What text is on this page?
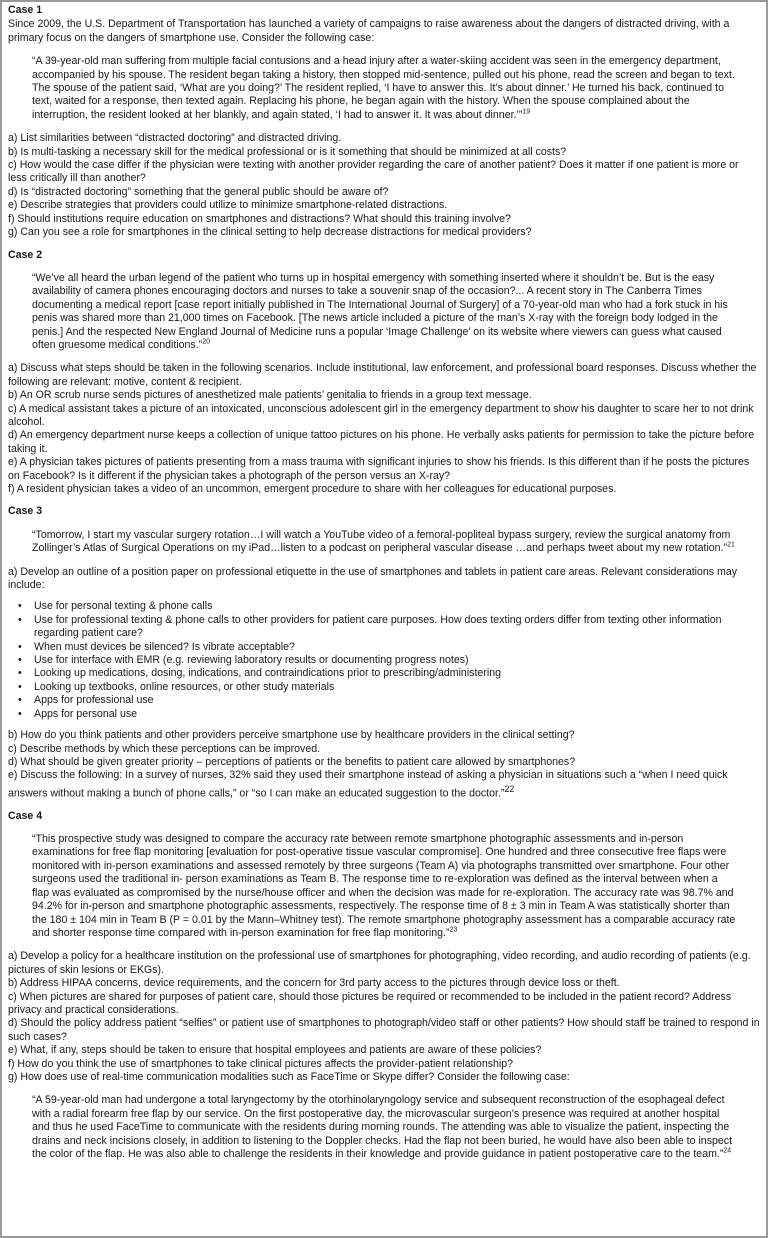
Case 1

Since 2009, the U.S. Department of Transportation has launched a variety of campaigns to raise awareness about the dangers of distracted driving, with a primary focus on the dangers of smartphone use. Consider the following case:

“A 39-year-old man suffering from multiple facial contusions and a head injury after a water-skiing accident was seen in the emergency department, accompanied by his spouse. The resident began taking a history, then stopped mid-sentence, pulled out his phone, read the screen and began to text. The spouse of the patient said, ‘What are you doing?’ The resident replied, ‘I have to answer this. It’s about dinner.’ He turned his back, continued to text, waited for a response, then texted again. Replacing his phone, he began again with the history. When the spouse complained about the interruption, the resident looked at her blankly, and again stated, ‘I had to answer it. It was about dinner.’”$^{19}$

a) List similarities between “distracted doctoring” and distracted driving.

b) Is multi-tasking a necessary skill for the medical professional or is it something that should be minimized at all costs?

c) How would the case differ if the physician were texting with another provider regarding the care of another patient? Does it matter if one patient is more or less critically ill than another?

d) Is “distracted doctoring” something that the general public should be aware of?

e) Describe strategies that providers could utilize to minimize smartphone-related distractions.

f) Should institutions require education on smartphones and distractions? What should this training involve?

g) Can you see a role for smartphones in the clinical setting to help decrease distractions for medical providers?

Case 2

“We’ve all heard the urban legend of the patient who turns up in hospital emergency with something inserted where it shouldn’t be. But is the easy availability of camera phones encouraging doctors and nurses to take a souvenir snap of the occasion?... A recent story in The Canberra Times documenting a medical report [case report initially published in The International Journal of Surgery] of a 70-year-old man who had a fork stuck in his penis was shared more than 21,000 times on Facebook. [The news article included a picture of the man’s X-ray with the foreign body lodged in the penis.] And the respected New England Journal of Medicine runs a popular ‘Image Challenge’ on its website where viewers can guess what caused often gruesome medical conditions.”$^{20}$

a) Discuss what steps should be taken in the following scenarios. Include institutional, law enforcement, and professional board responses. Discuss whether the following are relevant: motive, content & recipient.

b) An OR scrub nurse sends pictures of anesthetized male patients’ genitalia to friends in a group text message.

c) A medical assistant takes a picture of an intoxicated, unconscious adolescent girl in the emergency department to show his daughter to scare her to not drink alcohol.

d) An emergency department nurse keeps a collection of unique tattoo pictures on his phone. He verbally asks patients for permission to take the picture before taking it.

e) A physician takes pictures of patients presenting from a mass trauma with significant injuries to show his friends. Is this different than if he posts the pictures on Facebook? Is it different if the physician takes a photograph of the person versus an X-ray?

f) A resident physician takes a video of an uncommon, emergent procedure to share with her colleagues for educational purposes.

Case 3

“Tomorrow, I start my vascular surgery rotation…I will watch a YouTube video of a femoral-popliteal bypass surgery, review the surgical anatomy from Zollinger’s Atlas of Surgical Operations on my iPad…listen to a podcast on peripheral vascular disease …and perhaps tweet about my new rotation.”$^{21}$

a) Develop an outline of a position paper on professional etiquette in the use of smartphones and tablets in patient care areas. Relevant considerations may include:

• Use for personal texting & phone calls
• Use for professional texting & phone calls to other providers for patient care purposes. How does texting orders differ from texting other information regarding patient care?
• When must devices be silenced? Is vibrate acceptable?
• Use for interface with EMR (e.g. reviewing laboratory results or documenting progress notes)
• Looking up medications, dosing, indications, and contraindications prior to prescribing/administering
• Looking up textbooks, online resources, or other study materials
• Apps for professional use
• Apps for personal use

b) How do you think patients and other providers perceive smartphone use by healthcare providers in the clinical setting?

c) Describe methods by which these perceptions can be improved.

d) What should be given greater priority – perceptions of patients or the benefits to patient care allowed by smartphones?

e) Discuss the following: In a survey of nurses, 32% said they used their smartphone instead of asking a physician in situations such a “when I need quick answers without making a bunch of phone calls,” or “so I can make an educated suggestion to the doctor.”$^{22}$

Case 4

“This prospective study was designed to compare the accuracy rate between remote smartphone photographic assessments and in-person examinations for free flap monitoring [evaluation for post-operative tissue vascular compromise]. One hundred and three consecutive free flaps were monitored with in-person examinations and assessed remotely by three surgeons (Team A) via photographs transmitted over smartphone. Four other surgeons used the traditional in- person examinations as Team B. The response time to re-exploration was defined as the interval between when a flap was evaluated as compromised by the nurse/house officer and when the decision was made for re-exploration. The accuracy rate was 98.7% and 94.2% for in-person and smartphone photographic assessments, respectively. The response time of 8 ± 3 min in Team A was statistically shorter than the 180 ± 104 min in Team B (P = 0.01 by the Mann–Whitney test). The remote smartphone photography assessment has a comparable accuracy rate and shorter response time compared with in-person examination for free flap monitoring.”$^{23}$

a) Develop a policy for a healthcare institution on the professional use of smartphones for photographing, video recording, and audio recording of patients (e.g. pictures of skin lesions or EKGs).

b) Address HIPAA concerns, device requirements, and the concern for 3rd party access to the pictures through device loss or theft.

c) When pictures are shared for purposes of patient care, should those pictures be required or recommended to be included in the patient record? Address privacy and practical considerations.

d) Should the policy address patient “selfies” or patient use of smartphones to photograph/video staff or other patients? How should staff be trained to respond in such cases?

e) What, if any, steps should be taken to ensure that hospital employees and patients are aware of these policies?

f) How do you think the use of smartphones to take clinical pictures affects the provider-patient relationship?

g) How does use of real-time communication modalities such as FaceTime or Skype differ? Consider the following case:

“A 59-year-old man had undergone a total laryngectomy by the otorhinolaryngology service and subsequent reconstruction of the esophageal defect with a radial forearm free flap by our service. On the first postoperative day, the microvascular surgeon’s presence was required at another hospital and thus he used FaceTime to communicate with the residents during morning rounds. The attending was able to visualize the patient, inspecting the drains and neck incisions closely, in addition to listening to the Doppler checks. Had the flap not been buried, he would have also been able to inspect the color of the flap. He was also able to challenge the residents in their knowledge and provide guidance in patient postoperative care to the team.”$^{24}$
